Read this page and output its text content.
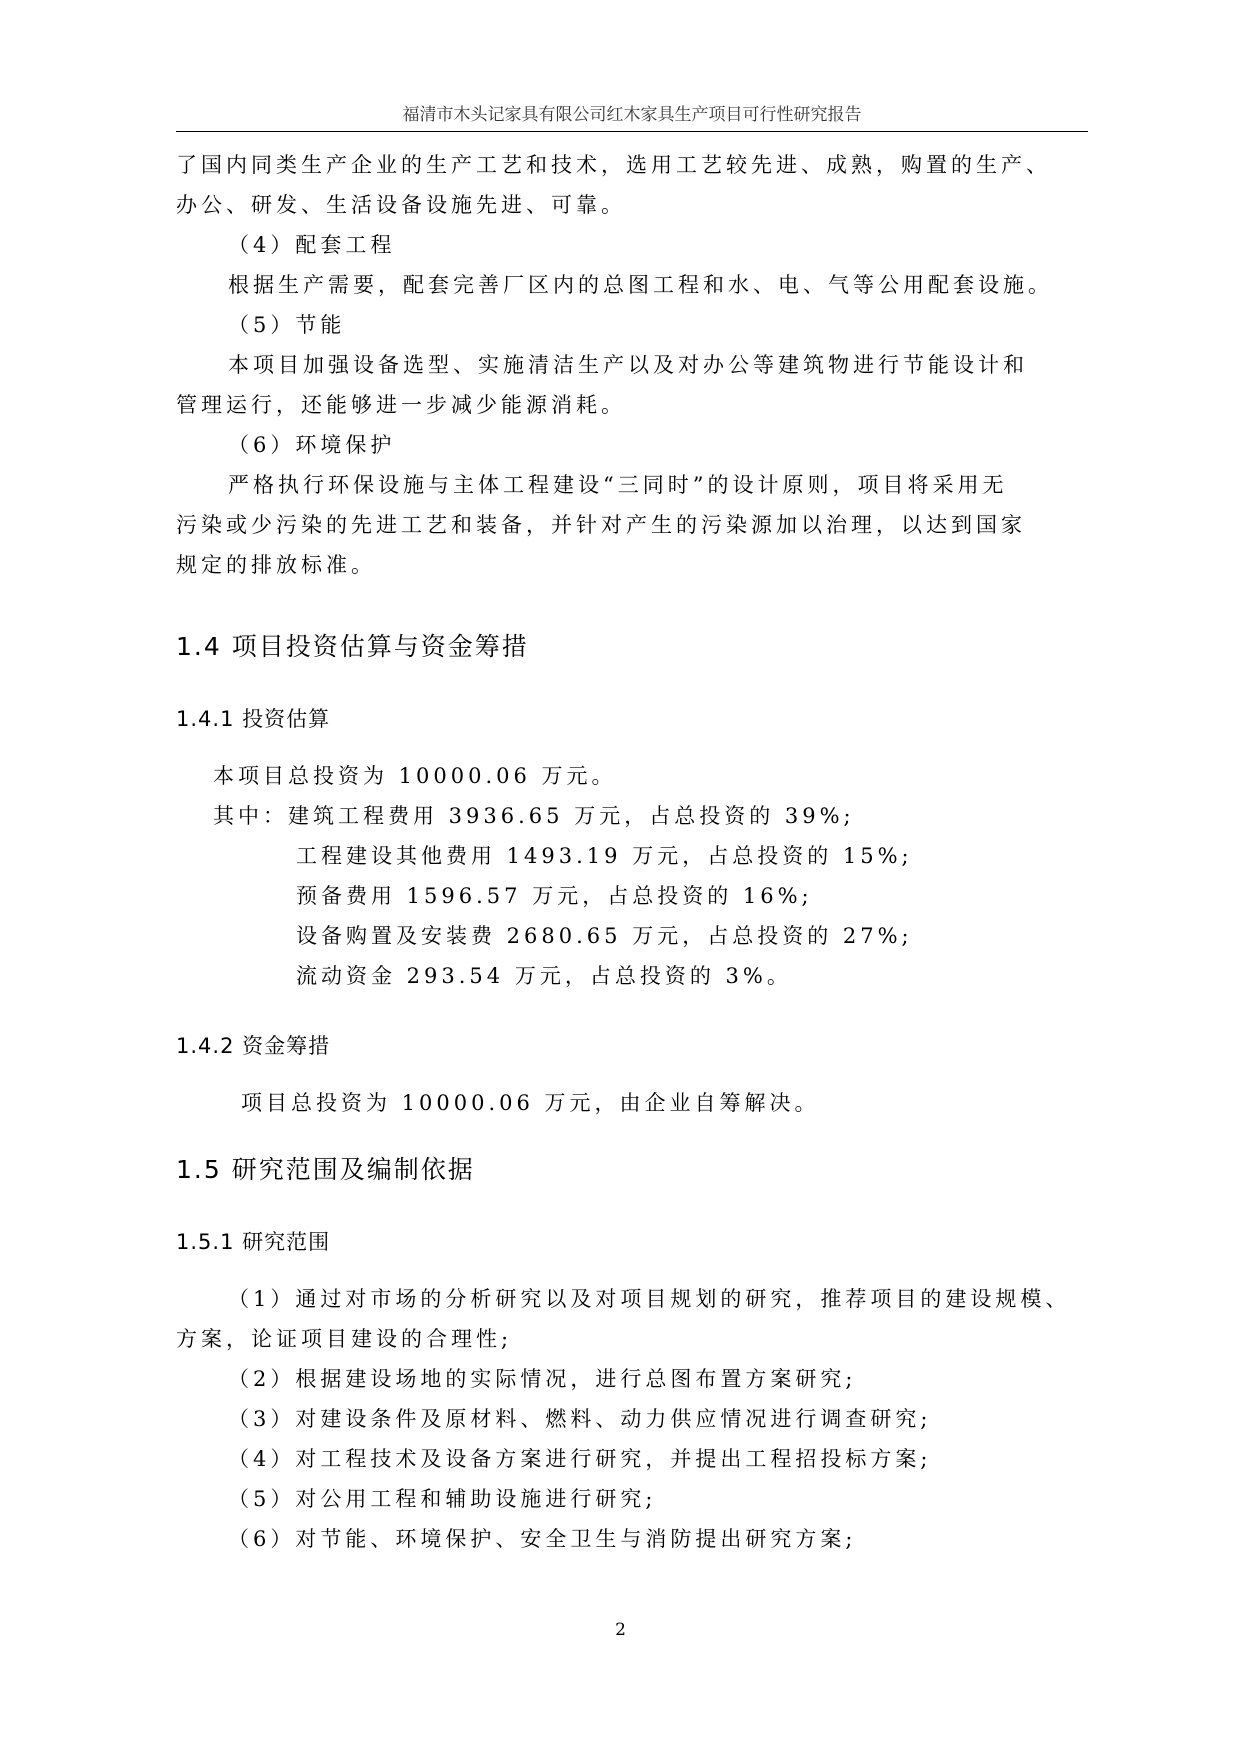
福清市木头记家具有限公司红木家具生产项目可行性研究报告
了国内同类生产企业的生产工艺和技术，选用工艺较先进、成熟，购置的生产、
办公、研发、生活设备设施先进、可靠。
（4）配套工程
根据生产需要，配套完善厂区内的总图工程和水、电、气等公用配套设施。
（5）节能
本项目加强设备选型、实施清洁生产以及对办公等建筑物进行节能设计和
管理运行，还能够进一步减少能源消耗。
（6）环境保护
严格执行环保设施与主体工程建设“三同时”的设计原则，项目将采用无
污染或少污染的先进工艺和装备，并针对产生的污染源加以治理，以达到国家
规定的排放标准。
1.4 项目投资估算与资金筹措
1.4.1 投资估算
本项目总投资为 10000.06 万元。
其中：建筑工程费用 3936.65 万元，占总投资的 39%;
工程建设其他费用 1493.19 万元，占总投资的 15%;
预备费用 1596.57 万元，占总投资的 16%;
设备购置及安装费 2680.65 万元，占总投资的 27%;
流动资金 293.54 万元，占总投资的 3%。
1.4.2 资金筹措
项目总投资为 10000.06 万元，由企业自筹解决。
1.5 研究范围及编制依据
1.5.1 研究范围
（1）通过对市场的分析研究以及对项目规划的研究，推荐项目的建设规模、
方案，论证项目建设的合理性;
（2）根据建设场地的实际情况，进行总图布置方案研究;
（3）对建设条件及原材料、燃料、动力供应情况进行调查研究;
（4）对工程技术及设备方案进行研究，并提出工程招投标方案;
（5）对公用工程和辅助设施进行研究;
（6）对节能、环境保护、安全卫生与消防提出研究方案;
2
